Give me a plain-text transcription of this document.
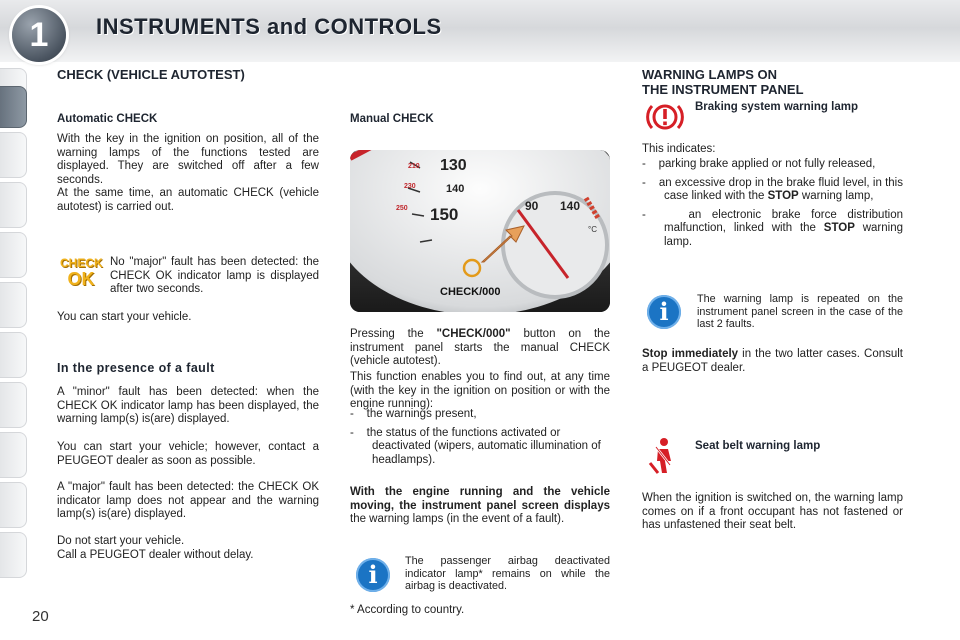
1	INSTRUMENTS and CONTROLS
CHECK (VEHICLE AUTOTEST)
Automatic CHECK
With the key in the ignition on position, all of the warning lamps of the functions tested are displayed. They are switched off after a few seconds.
At the same time, an automatic CHECK (vehicle autotest) is carried out.
CHECK
OK
No "major" fault has been detected: the CHECK OK indicator lamp is displayed after two seconds.
You can start your vehicle.
In the presence of a fault
A "minor" fault has been detected: when the CHECK OK indicator lamp has been displayed, the warning lamp(s) is(are) displayed.
You can start your vehicle; however, contact a PEUGEOT dealer as soon as possible.
A "major" fault has been detected: the CHECK OK indicator lamp does not appear and the warning lamp(s) is(are) displayed.
Do not start your vehicle.
Call a PEUGEOT dealer without delay.
Manual CHECK
130
140
150
210
230
250	90 140
°C
CHECK/000
Pressing the "CHECK/000" button on the instrument panel starts the manual CHECK (vehicle autotest).
This function enables you to find out, at any time (with the key in the ignition on position or with the engine running):
-    the warnings present,
-    the status of the functions activated or deactivated (wipers, automatic illumination of headlamps).
With the engine running and the vehicle moving, the instrument panel screen displays the warning lamps (in the event of a fault).
i	The passenger airbag deactivated indicator lamp* remains on while the airbag is deactivated.
* According to country.
WARNING LAMPS ON
THE INSTRUMENT PANEL
Braking system warning lamp
This indicates:
-    parking brake applied or not fully released,
-    an excessive drop in the brake fluid level, in this case linked with the STOP warning lamp,
-    an electronic brake force distribution malfunction, linked with the STOP warning lamp.
i	The warning lamp is repeated on the instrument panel screen in the case of the last 2 faults.
Stop immediately in the two latter cases. Consult a PEUGEOT dealer.
Seat belt warning lamp
When the ignition is switched on, the warning lamp comes on if a front occupant has not fastened or has unfastened their seat belt.
20
